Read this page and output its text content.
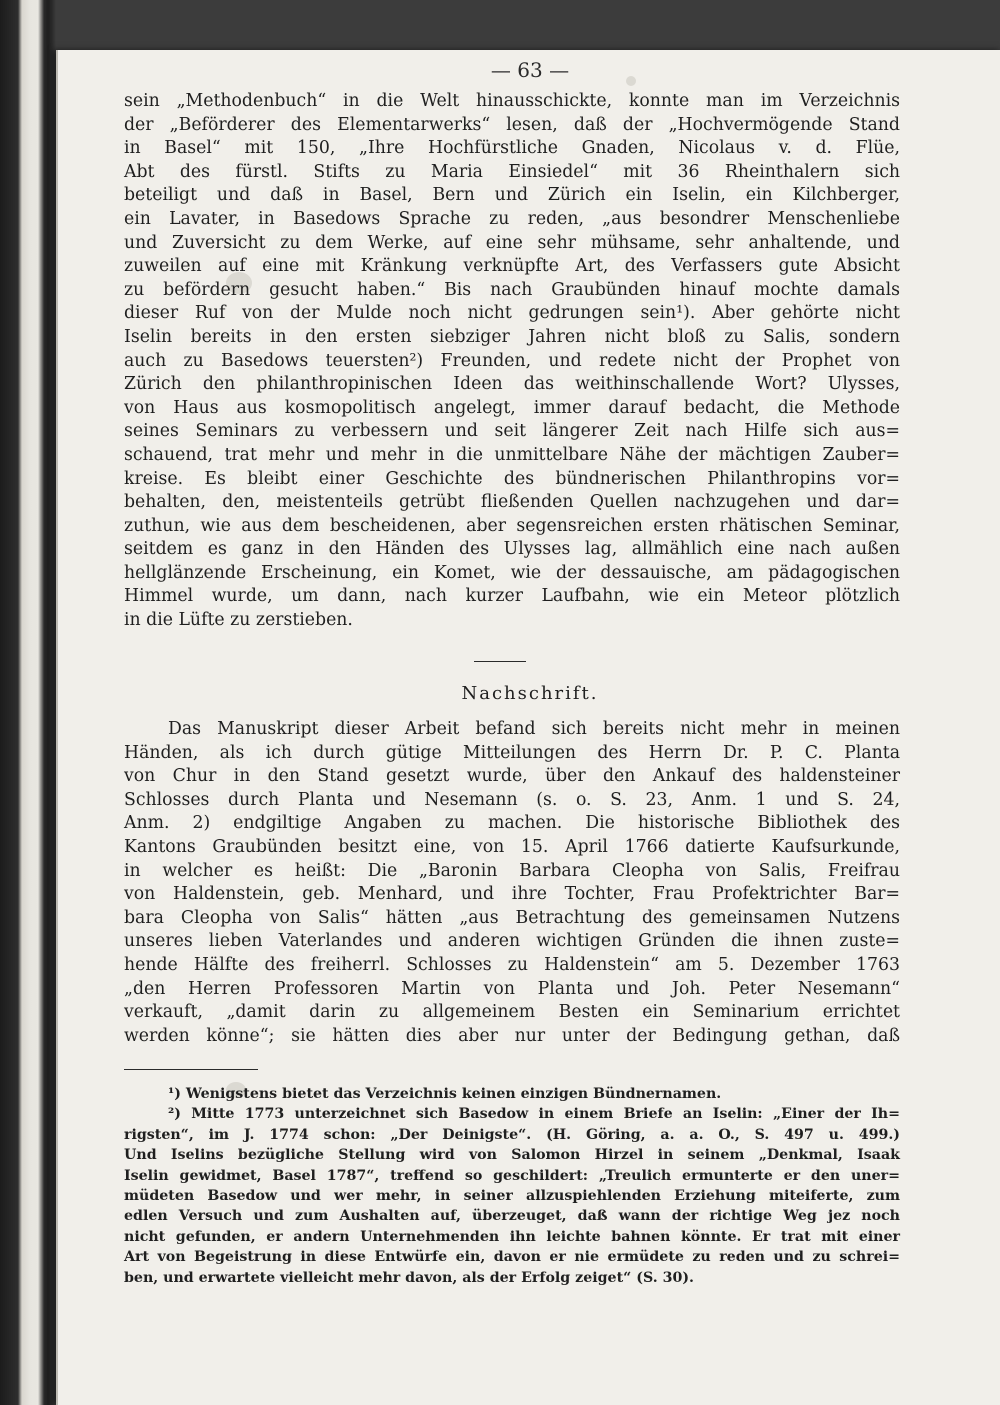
— 63 —
sein „Methodenbuch“ in die Welt hinausschickte, konnte man im Verzeichnis
der „Beförderer des Elementarwerks“ lesen, daß der „Hochvermögende Stand
in Basel“ mit 150, „Ihre Hochfürstliche Gnaden, Nicolaus v. d. Flüe,
Abt des fürstl. Stifts zu Maria Einsiedel“ mit 36 Rheinthalern sich
beteiligt und daß in Basel, Bern und Zürich ein Iselin, ein Kilchberger,
ein Lavater, in Basedows Sprache zu reden, „aus besondrer Menschenliebe
und Zuversicht zu dem Werke, auf eine sehr mühsame, sehr anhaltende, und
zuweilen auf eine mit Kränkung verknüpfte Art, des Verfassers gute Absicht
zu befördern gesucht haben.“ Bis nach Graubünden hinauf mochte damals
dieser Ruf von der Mulde noch nicht gedrungen sein¹). Aber gehörte nicht
Iselin bereits in den ersten siebziger Jahren nicht bloß zu Salis, sondern
auch zu Basedows teuersten²) Freunden, und redete nicht der Prophet von
Zürich den philanthropinischen Ideen das weithinschallende Wort? Ulysses,
von Haus aus kosmopolitisch angelegt, immer darauf bedacht, die Methode
seines Seminars zu verbessern und seit längerer Zeit nach Hilfe sich aus=
schauend, trat mehr und mehr in die unmittelbare Nähe der mächtigen Zauber=
kreise. Es bleibt einer Geschichte des bündnerischen Philanthropins vor=
behalten, den, meistenteils getrübt fließenden Quellen nachzugehen und dar=
zuthun, wie aus dem bescheidenen, aber segensreichen ersten rhätischen Seminar,
seitdem es ganz in den Händen des Ulysses lag, allmählich eine nach außen
hellglänzende Erscheinung, ein Komet, wie der dessauische, am pädagogischen
Himmel wurde, um dann, nach kurzer Laufbahn, wie ein Meteor plötzlich
in die Lüfte zu zerstieben.
Nachschrift.
Das Manuskript dieser Arbeit befand sich bereits nicht mehr in meinen
Händen, als ich durch gütige Mitteilungen des Herrn Dr. P. C. Planta
von Chur in den Stand gesetzt wurde, über den Ankauf des haldensteiner
Schlosses durch Planta und Nesemann (s. o. S. 23, Anm. 1 und S. 24,
Anm. 2) endgiltige Angaben zu machen. Die historische Bibliothek des
Kantons Graubünden besitzt eine, von 15. April 1766 datierte Kaufsurkunde,
in welcher es heißt: Die „Baronin Barbara Cleopha von Salis, Freifrau
von Haldenstein, geb. Menhard, und ihre Tochter, Frau Profektrichter Bar=
bara Cleopha von Salis“ hätten „aus Betrachtung des gemeinsamen Nutzens
unseres lieben Vaterlandes und anderen wichtigen Gründen die ihnen zuste=
hende Hälfte des freiherrl. Schlosses zu Haldenstein“ am 5. Dezember 1763
„den Herren Professoren Martin von Planta und Joh. Peter Nesemann“
verkauft, „damit darin zu allgemeinem Besten ein Seminarium errichtet
werden könne“; sie hätten dies aber nur unter der Bedingung gethan, daß
¹) Wenigstens bietet das Verzeichnis keinen einzigen Bündnernamen.
²) Mitte 1773 unterzeichnet sich Basedow in einem Briefe an Iselin: „Einer der Ih=
rigsten“, im J. 1774 schon: „Der Deinigste“. (H. Göring, a. a. O., S. 497 u. 499.)
Und Iselins bezügliche Stellung wird von Salomon Hirzel in seinem „Denkmal, Isaak
Iselin gewidmet, Basel 1787“, treffend so geschildert: „Treulich ermunterte er den uner=
müdeten Basedow und wer mehr, in seiner allzuspiehlenden Erziehung miteiferte, zum
edlen Versuch und zum Aushalten auf, überzeuget, daß wann der richtige Weg jez noch
nicht gefunden, er andern Unternehmenden ihn leichte bahnen könnte. Er trat mit einer
Art von Begeistrung in diese Entwürfe ein, davon er nie ermüdete zu reden und zu schrei=
ben, und erwartete vielleicht mehr davon, als der Erfolg zeiget“ (S. 30).
